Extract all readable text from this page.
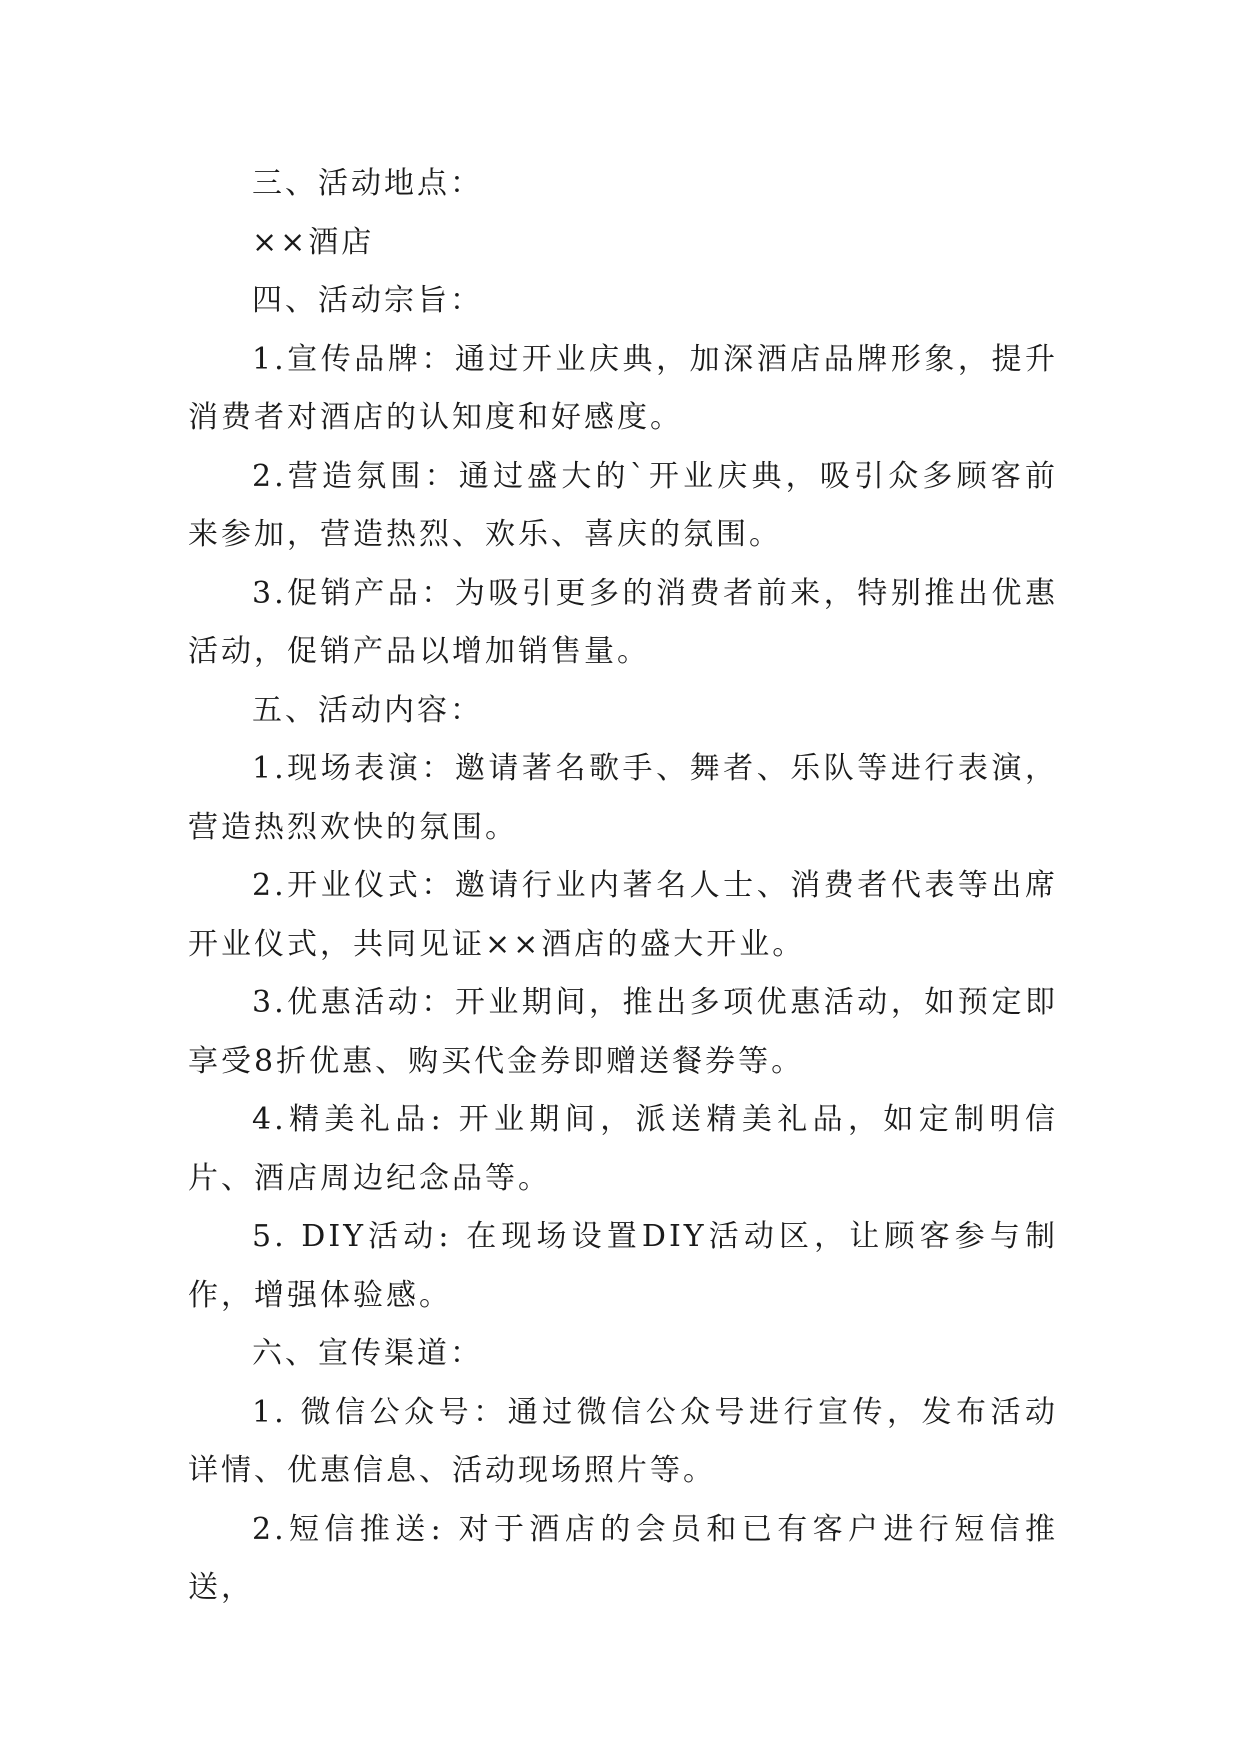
三、活动地点：

××酒店

四、活动宗旨：

1.宣传品牌：通过开业庆典，加深酒店品牌形象，提升消费者对酒店的认知度和好感度。

2.营造氛围：通过盛大的`开业庆典，吸引众多顾客前来参加，营造热烈、欢乐、喜庆的氛围。

3.促销产品：为吸引更多的消费者前来，特别推出优惠活动，促销产品以增加销售量。

五、活动内容：

1.现场表演：邀请著名歌手、舞者、乐队等进行表演，营造热烈欢快的氛围。

2.开业仪式：邀请行业内著名人士、消费者代表等出席开业仪式，共同见证××酒店的盛大开业。

3.优惠活动：开业期间，推出多项优惠活动，如预定即享受8折优惠、购买代金券即赠送餐券等。

4.精美礼品: 开业期间，派送精美礼品，如定制明信片、酒店周边纪念品等。

5. DIY活动: 在现场设置DIY活动区，让顾客参与制作，增强体验感。

六、宣传渠道：

1. 微信公众号：通过微信公众号进行宣传，发布活动详情、优惠信息、活动现场照片等。

2.短信推送: 对于酒店的会员和已有客户进行短信推送，
